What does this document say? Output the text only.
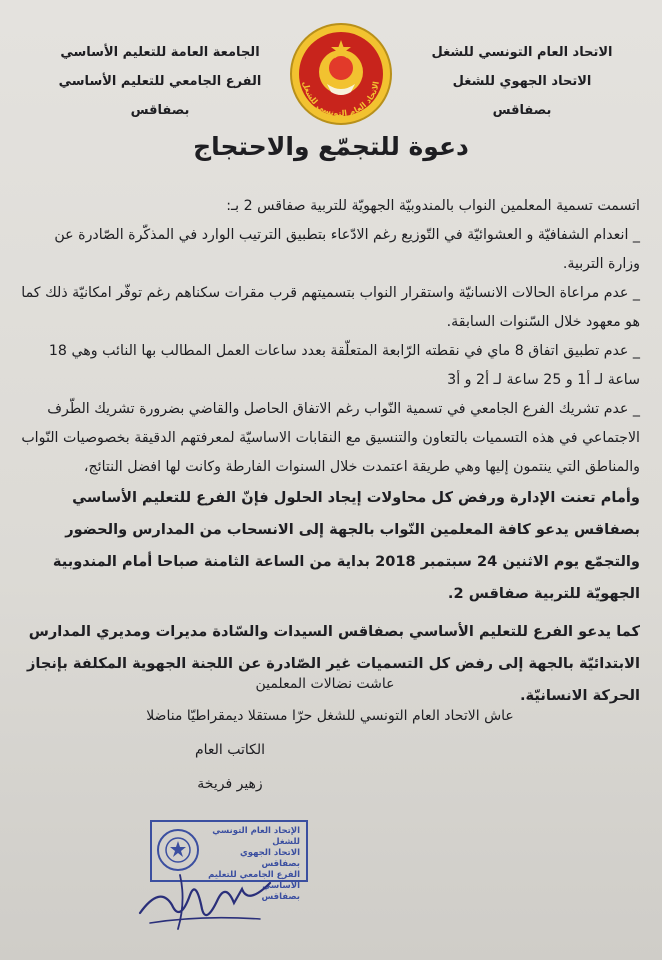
الاتحاد العام التونسي للشغل
الاتحاد الجهوي للشغل
بصفاقس
الاتحاد العام التونسي للشغل
الجامعة العامة للتعليم الأساسي
الفرع الجامعي للتعليم الأساسي
بصفاقس
دعوة للتجمّع والاحتجاج

اتسمت تسمية المعلمين النواب بالمندوبيّة الجهويّة للتربية صفاقس 2 بـ:

_ انعدام الشفافيّة و العشوائيّة في التّوزيع رغم الادّعاء بتطبيق الترتيب الوارد في المذكّرة الصّادرة عن وزارة التربية.

_ عدم مراعاة الحالات الانسانيّة واستقرار النواب بتسميتهم قرب مقرات سكناهم رغم توفّر امكانيّة ذلك كما هو معهود خلال السّنوات السابقة.

_ عدم تطبيق اتفاق 8 ماي في نقطته الرّابعة المتعلّقة بعدد ساعات العمل المطالب بها النائب وهي 18 ساعة لـ أ1 و 25 ساعة لـ أ2 و أ3

_ عدم تشريك الفرع الجامعي في تسمية النّواب رغم الاتفاق الحاصل والقاضي بضرورة تشريك الطّرف الاجتماعي في هذه التسميات بالتعاون والتنسيق مع النقابات الاساسيّة لمعرفتهم الدقيقة بخصوصيات النّواب والمناطق التي ينتمون إليها وهي طريقة اعتمدت خلال السنوات الفارطة وكانت لها افضل النتائج،

وأمام تعنت الإدارة ورفض كل محاولات إيجاد الحلول فإنّ الفرع للتعليم الأساسي بصفاقس يدعو كافة المعلمين النّواب بالجهة إلى الانسحاب من المدارس والحضور والتجمّع يوم الاثنين 24 سبتمبر 2018 بداية من الساعة الثامنة صباحا أمام المندوبية الجهويّة للتربية صفاقس 2.

كما يدعو الفرع للتعليم الأساسي بصفاقس السيدات والسّادة مديرات ومديري المدارس الابتدائيّة بالجهة إلى رفض كل التسميات غير الصّادرة عن اللجنة الجهوية المكلفة بإنجاز الحركة الانسانيّة.

عاشت نضالات المعلمين
عاش الاتحاد العام التونسي للشغل حرّا مستقلا ديمقراطيّا مناضلا
الكاتب العام
زهير فريخة
الإتحاد العام التونسي للشغل
الاتحاد الجهوي بصفاقس
الفرع الجامعي للتعليم الأساسي
بصفاقس
